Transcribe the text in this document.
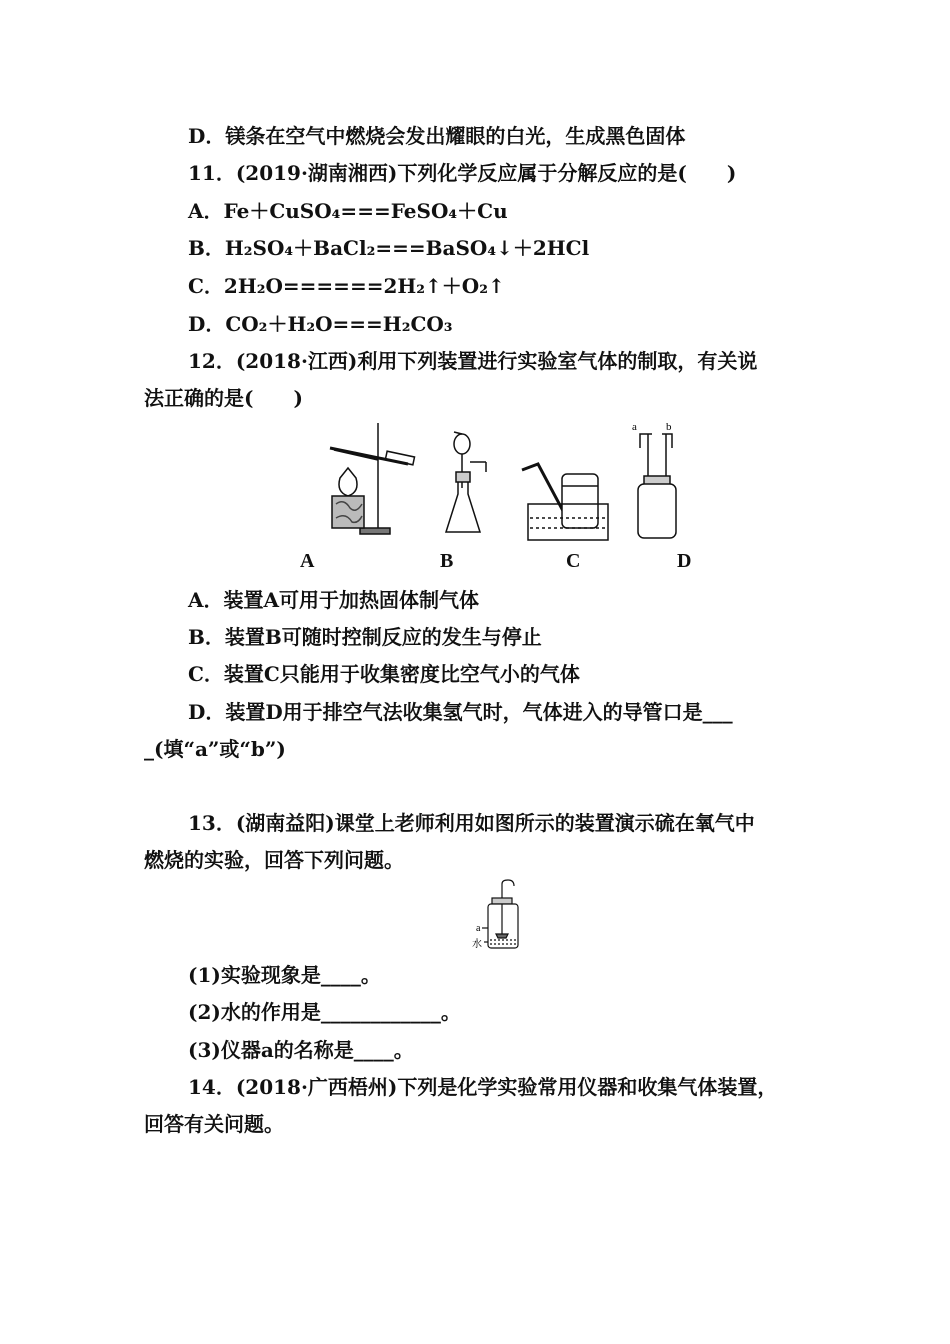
D．镁条在空气中燃烧会发出耀眼的白光，生成黑色固体
11．(2019·湖南湘西)下列化学反应属于分解反应的是(　　)
A．Fe＋CuSO₄===FeSO₄＋Cu
B．H₂SO₄＋BaCl₂===BaSO₄↓＋2HCl
C．2H₂O======2H₂↑＋O₂↑
D．CO₂＋H₂O===H₂CO₃
12．(2018·江西)利用下列装置进行实验室气体的制取，有关说
法正确的是(　　)
a	b
A	B	C	D
A．装置A可用于加热固体制气体
B．装置B可随时控制反应的发生与停止
C．装置C只能用于收集密度比空气小的气体
D．装置D用于排空气法收集氢气时，气体进入的导管口是___
_(填“a”或“b”)
13．(湖南益阳)课堂上老师利用如图所示的装置演示硫在氧气中
燃烧的实验，回答下列问题。
a
水
(1)实验现象是____。
(2)水的作用是____________。
(3)仪器a的名称是____。
14．(2018·广西梧州)下列是化学实验常用仪器和收集气体装置，
回答有关问题。
